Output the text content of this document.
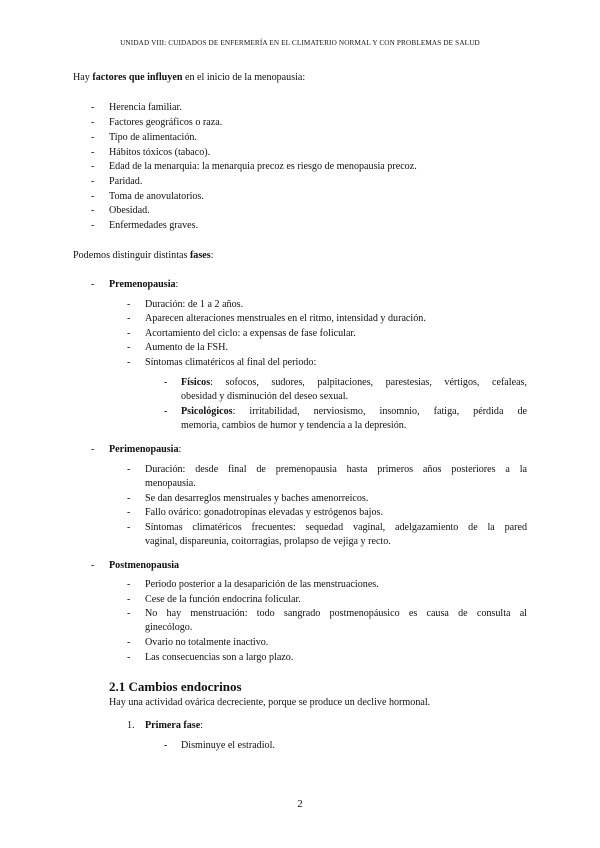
UNIDAD VIII: CUIDADOS DE ENFERMERÍA EN EL CLIMATERIO NORMAL Y CON PROBLEMAS DE SALUD
Hay factores que influyen en el inicio de la menopausia:
- Herencia familiar.
- Factores geográficos o raza.
- Tipo de alimentación.
- Hábitos tóxicos (tabaco).
- Edad de la menarquia: la menarquia precoz es riesgo de menopausia precoz.
- Paridad.
- Toma de anovulatorios.
- Obesidad.
- Enfermedades graves.
Podemos distinguir distintas fases:
- Premenopausia:
- Duración: de 1 a 2 años.
- Aparecen alteraciones menstruales en el ritmo, intensidad y duración.
- Acortamiento del ciclo: a expensas de fase folicular.
- Aumento de la FSH.
- Síntomas climatéricos al final del periodo:
- Físicos: sofocos, sudores, palpitaciones, parestesias, vértigos, cefaleas,
obesidad y disminución del deseo sexual.
- Psicológicos: irritabilidad, nerviosismo, insomnio, fatiga, pérdida de
memoria, cambios de humor y tendencia a la depresión.
- Perimenopausia:
- Duración: desde final de premenopausia hasta primeros años posteriores a la
menopausia.
- Se dan desarreglos menstruales y baches amenorreicos.
- Fallo ovárico: gonadotropinas elevadas y estrógenos bajos.
- Síntomas climatéricos frecuentes: sequedad vaginal, adelgazamiento de la pared
vaginal, dispareunia, coitorragias, prolapso de vejiga y recto.
- Postmenopausia
- Periodo posterior a la desaparición de las menstruaciones.
- Cese de la función endocrina folicular.
- No hay menstruación: todo sangrado postmenopáusico es causa de consulta al
ginecólogo.
- Ovario no totalmente inactivo.
- Las consecuencias son a largo plazo.
2.1 Cambios endocrinos
Hay una actividad ovárica decreciente, porque se produce un declive hormonal.
1. Primera fase:
- Disminuye el estradiol.
2
